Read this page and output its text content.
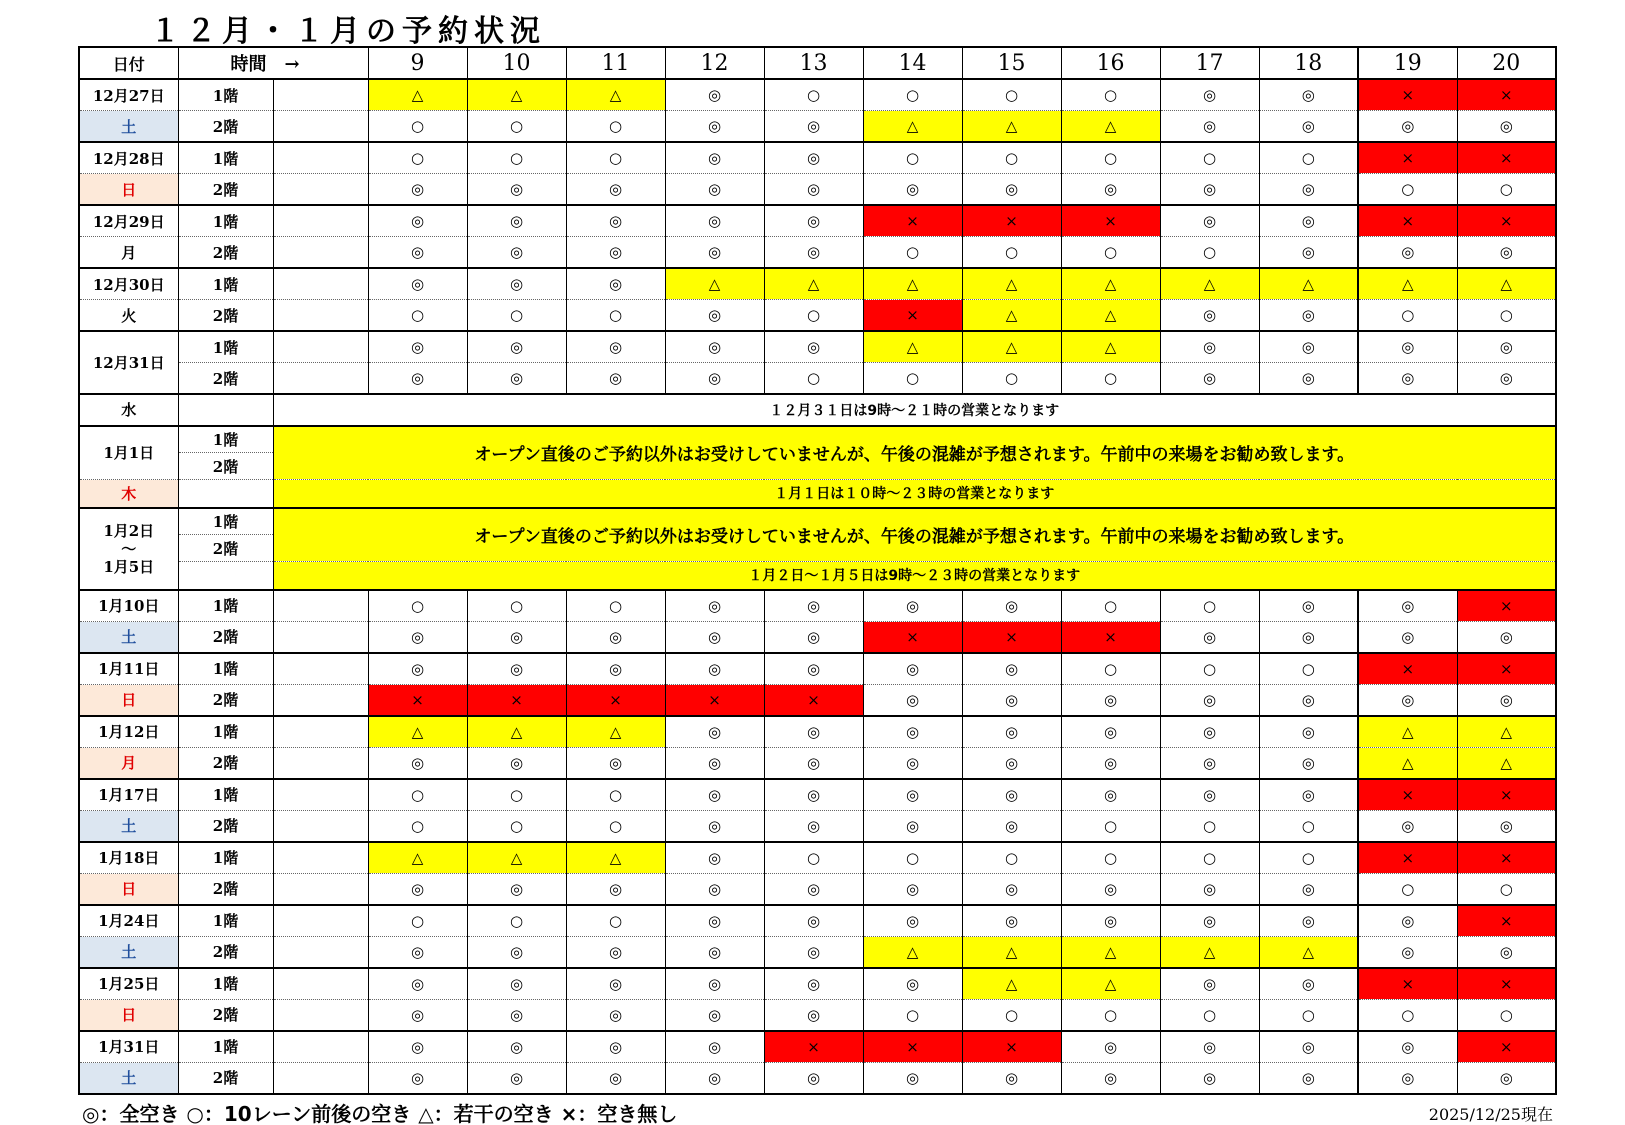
１２月・１月の予約状況
日付	時間　→		9	10	11	12	13	14	15	16	17	18	19	20
12月27日	1階		△	△	△	◎	○	○	○	○	◎	◎	×	×
土	2階		○	○	○	◎	◎	△	△	△	◎	◎	◎	◎
12月28日	1階		○	○	○	◎	◎	○	○	○	○	○	×	×
日	2階		◎	◎	◎	◎	◎	◎	◎	◎	◎	◎	○	○
12月29日	1階		◎	◎	◎	◎	◎	×	×	×	◎	◎	×	×
月	2階		◎	◎	◎	◎	◎	○	○	○	○	◎	◎	◎
12月30日	1階		◎	◎	◎	△	△	△	△	△	△	△	△	△
火	2階		○	○	○	◎	○	×	△	△	◎	◎	○	○
12月31日	1階		◎	◎	◎	◎	◎	△	△	△	◎	◎	◎	◎
	2階		◎	◎	◎	◎	○	○	○	○	◎	◎	◎	◎
水		１２月３１日は9時～２１時の営業となります												
1月1日	1階	オープン直後のご予約以外はお受けしていませんが、午後の混雑が予想されます。午前中の来場をお勧め致します。												
	2階													
木		１月１日は１０時～２３時の営業となります												

1月2日
～
1月5日	1階	オープン直後のご予約以外はお受けしていませんが、午後の混雑が予想されます。午前中の来場をお勧め致します。												
	2階													
		１月２日～１月５日は9時～２３時の営業となります												
1月10日	1階		○	○	○	◎	◎	◎	◎	○	○	◎	◎	×
土	2階		◎	◎	◎	◎	◎	×	×	×	◎	◎	◎	◎
1月11日	1階		◎	◎	◎	◎	◎	◎	◎	○	○	○	×	×
日	2階		×	×	×	×	×	◎	◎	◎	◎	◎	◎	◎
1月12日	1階		△	△	△	◎	◎	◎	◎	◎	◎	◎	△	△
月	2階		◎	◎	◎	◎	◎	◎	◎	◎	◎	◎	△	△
1月17日	1階		○	○	○	◎	◎	◎	◎	◎	◎	◎	×	×
土	2階		○	○	○	◎	◎	◎	◎	○	○	○	◎	◎
1月18日	1階		△	△	△	◎	○	○	○	○	○	○	×	×
日	2階		◎	◎	◎	◎	◎	◎	◎	◎	◎	◎	○	○
1月24日	1階		○	○	○	◎	◎	◎	◎	◎	◎	◎	◎	×
土	2階		◎	◎	◎	◎	◎	△	△	△	△	△	◎	◎
1月25日	1階		◎	◎	◎	◎	◎	◎	△	△	◎	◎	×	×
日	2階		◎	◎	◎	◎	◎	○	○	○	○	○	○	○
1月31日	1階		◎	◎	◎	◎	×	×	×	◎	◎	◎	◎	×
土	2階		◎	◎	◎	◎	◎	◎	◎	◎	◎	◎	◎	◎
◎：全空き ○：10レーン前後の空き △：若干の空き ×：空き無し	2025/12/25現在
